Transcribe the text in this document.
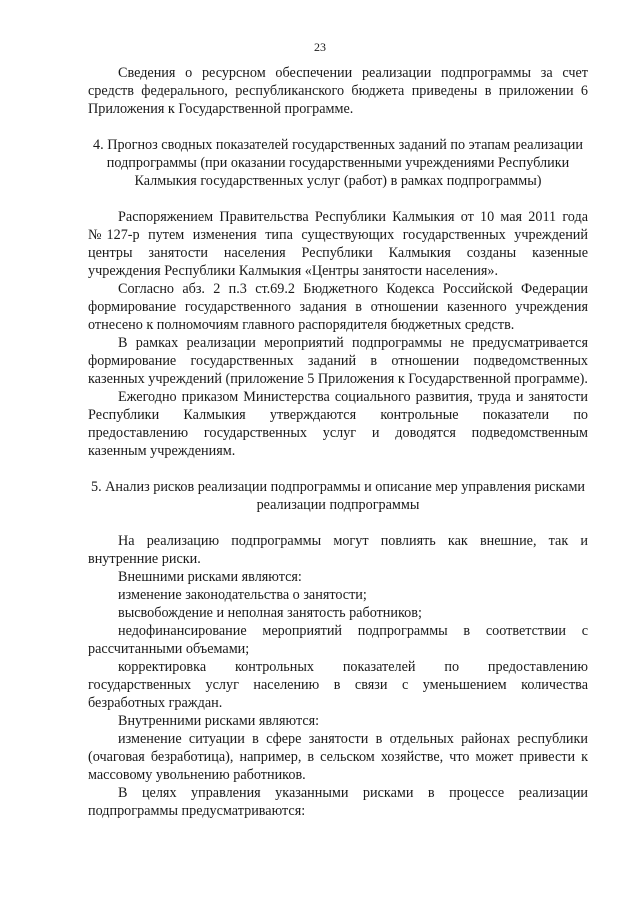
23

Сведения о ресурсном обеспечении реализации подпрограммы за счет средств федерального, республиканского бюджета приведены в приложении 6 Приложения к Государственной программе.

4. Прогноз сводных показателей государственных заданий по этапам реализации подпрограммы (при оказании государственными учреждениями Республики Калмыкия государственных услуг (работ) в рамках подпрограммы)

Распоряжением Правительства Республики Калмыкия от 10 мая 2011 года №127-р путем изменения типа существующих государственных учреждений центры занятости населения Республики Калмыкия созданы казенные учреждения Республики Калмыкия «Центры занятости населения».

Согласно абз. 2 п.3 ст.69.2 Бюджетного Кодекса Российской Федерации формирование государственного задания в отношении казенного учреждения отнесено к полномочиям главного распорядителя бюджетных средств.

В рамках реализации мероприятий подпрограммы не предусматривается формирование государственных заданий в отношении подведомственных казенных учреждений (приложение 5 Приложения к Государственной программе).

Ежегодно приказом Министерства социального развития, труда и занятости Республики Калмыкия утверждаются контрольные показатели по предоставлению государственных услуг и доводятся подведомственным казенным учреждениям.

5. Анализ рисков реализации подпрограммы и описание мер управления рисками реализации подпрограммы

На реализацию подпрограммы могут повлиять как внешние, так и внутренние риски.

Внешними рисками являются:

изменение законодательства о занятости;

высвобождение и неполная занятость работников;

недофинансирование мероприятий подпрограммы в соответствии с рассчитанными объемами;

корректировка контрольных показателей по предоставлению государственных услуг населению в связи с уменьшением количества безработных граждан.

Внутренними рисками являются:

изменение ситуации в сфере занятости в отдельных районах республики (очаговая безработица), например, в сельском хозяйстве, что может привести к массовому увольнению работников.

В целях управления указанными рисками в процессе реализации подпрограммы предусматриваются:
